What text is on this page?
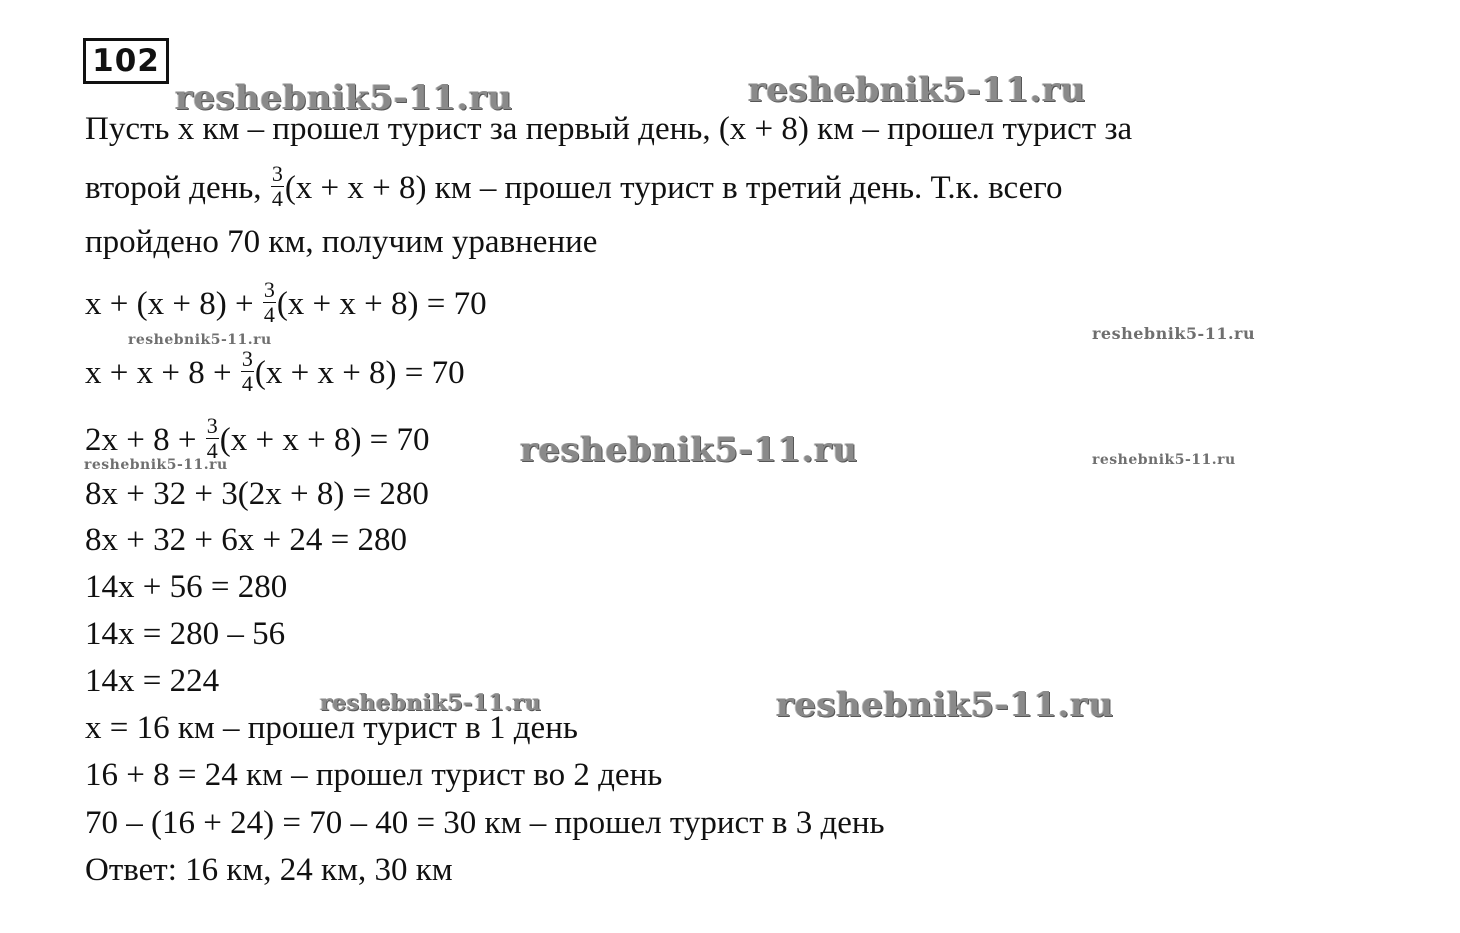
102
reshebnik5-11.ru	reshebnik5-11.ru
reshebnik5-11.ru
reshebnik5-11.ru
reshebnik5-11.ru
reshebnik5-11.ru	reshebnik5-11.ru
reshebnik5-11.ru	reshebnik5-11.ru
Пусть x км – прошел турист за первый день, (x + 8) км – прошел турист за
второй день, $\frac{3}{4} (x + x + 8)$ км – прошел турист в третий день. Т.к. всего
пройдено 70 км, получим уравнение
$x + (x + 8) + \frac{3}{4} (x + x + 8) = 70$
$x + x + 8 + \frac{3}{4} (x + x + 8) = 70$
$2x + 8 + \frac{3}{4} (x + x + 8) = 70$
8x + 32 + 3(2x + 8) = 280
8x + 32 + 6x + 24 = 280
14x + 56 = 280
14x = 280 – 56
14x = 224
x = 16 км – прошел турист в 1 день
16 + 8 = 24 км – прошел турист во 2 день
70 – (16 + 24) = 70 – 40 = 30 км – прошел турист в 3 день
Ответ: 16 км, 24 км, 30 км
